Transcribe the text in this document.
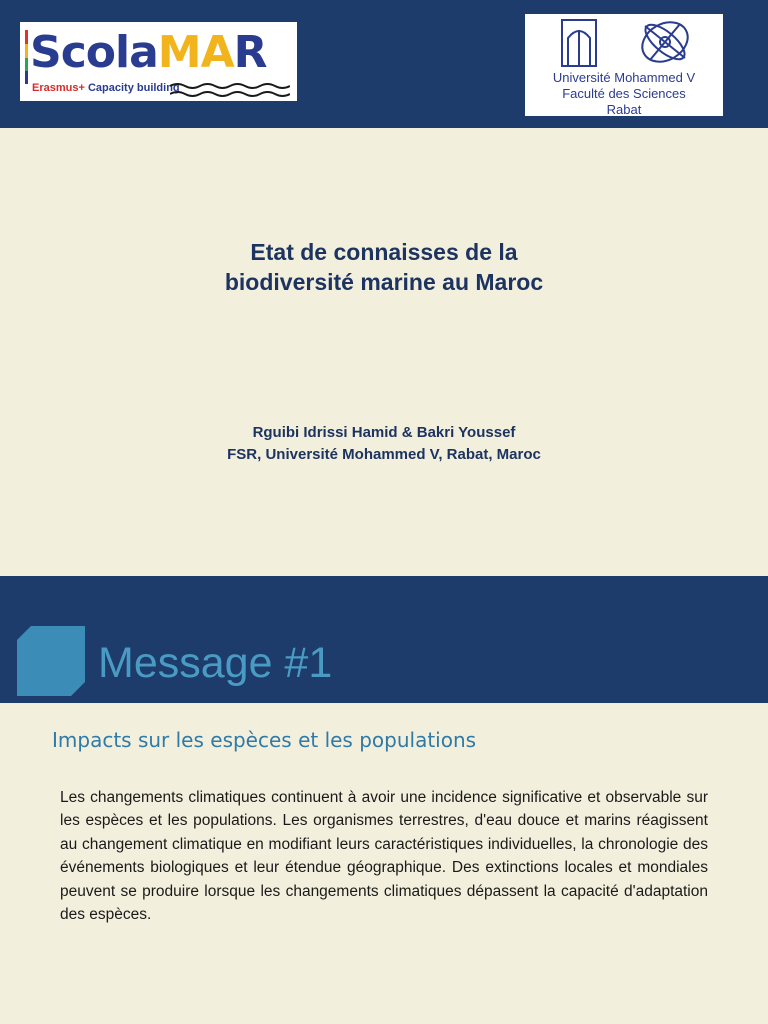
ScolaMAR
Erasmus+ Capacity building
Université Mohammed V
Faculté des Sciences
Rabat
Etat de connaisses de la
biodiversité marine au Maroc
Rguibi Idrissi Hamid & Bakri Youssef
FSR, Université Mohammed V, Rabat, Maroc
Message #1
Impacts sur les espèces et les populations
Les changements climatiques continuent à avoir une incidence significative et observable sur les espèces et les populations. Les organismes terrestres, d'eau douce et marins réagissent au changement climatique en modifiant leurs caractéristiques individuelles, la chronologie des événements biologiques et leur étendue géographique. Des extinctions locales et mondiales peuvent se produire lorsque les changements climatiques dépassent la capacité d'adaptation des espèces.
